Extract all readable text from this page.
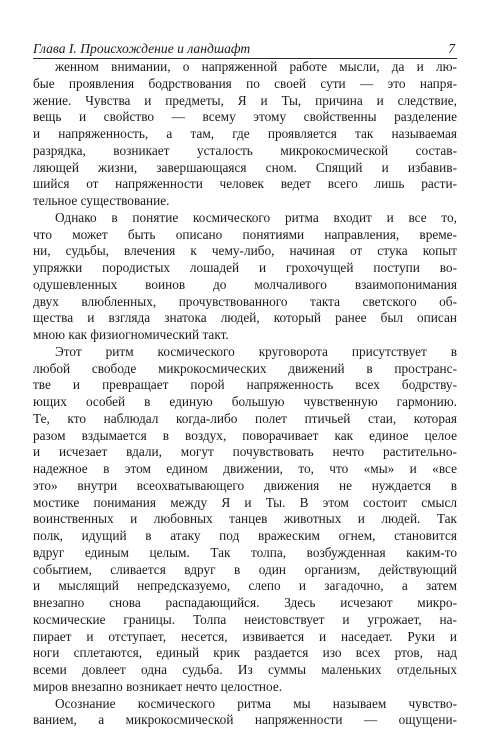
Глава I. Происхождение и ландшафт	7
женном внимании, о напряженной работе мысли, да и лю-
бые проявления бодрствования по своей сути — это напря-
жение. Чувства и предметы, Я и Ты, причина и следствие,
вещь и свойство — всему этому свойственны разделение
и напряженность, а там, где проявляется так называемая
разрядка, возникает усталость микрокосмической состав-
ляющей жизни, завершающаяся сном. Спящий и избавив-
шийся от напряженности человек ведет всего лишь расти-
тельное существование.
Однако в понятие космического ритма входит и все то,
что может быть описано понятиями направления, време-
ни, судьбы, влечения к чему-либо, начиная от стука копыт
упряжки породистых лошадей и грохочущей поступи во-
одушевленных воинов до молчаливого взаимопонимания
двух влюбленных, прочувствованного такта светского об-
щества и взгляда знатока людей, который ранее был описан
мною как физиогномический такт.
Этот ритм космического круговорота присутствует в
любой свободе микрокосмических движений в пространс-
тве и превращает порой напряженность всех бодрству-
ющих особей в единую большую чувственную гармонию.
Те, кто наблюдал когда-либо полет птичьей стаи, которая
разом вздымается в воздух, поворачивает как единое целое
и исчезает вдали, могут почувствовать нечто растительно-
надежное в этом едином движении, то, что «мы» и «все
это» внутри всеохватывающего движения не нуждается в
мостике понимания между Я и Ты. В этом состоит смысл
воинственных и любовных танцев животных и людей. Так
полк, идущий в атаку под вражеским огнем, становится
вдруг единым целым. Так толпа, возбужденная каким-то
событием, сливается вдруг в один организм, действующий
и мыслящий непредсказуемо, слепо и загадочно, а затем
внезапно снова распадающийся. Здесь исчезают микро-
космические границы. Толпа неистовствует и угрожает, на-
пирает и отступает, несется, извивается и наседает. Руки и
ноги сплетаются, единый крик раздается изо всех ртов, над
всеми довлеет одна судьба. Из суммы маленьких отдельных
миров внезапно возникает нечто целостное.
Осознание космического ритма мы называем чувство-
ванием, а микрокосмической напряженности — ощущени-
